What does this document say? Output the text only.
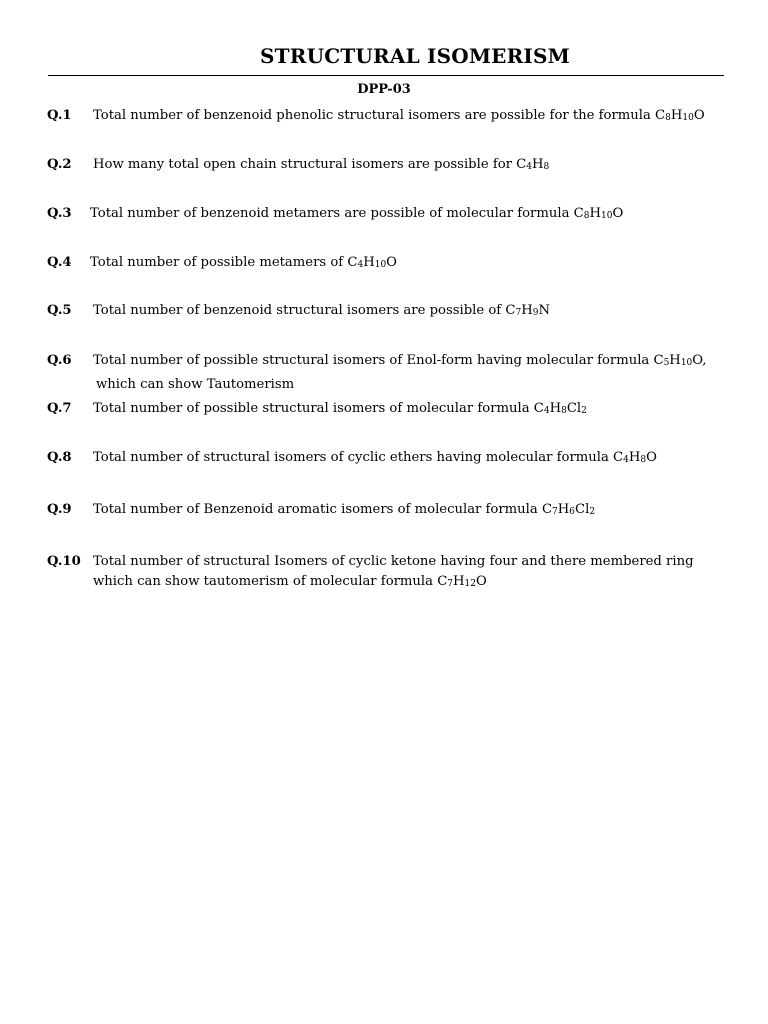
STRUCTURAL ISOMERISM
DPP-03
Q.1 Total number of benzenoid phenolic structural isomers are possible for the formula C8H10O
Q.2 How many total open chain structural isomers are possible for C4H8
Q.3 Total number of benzenoid metamers are possible of molecular formula C8H10O
Q.4 Total number of possible metamers of C4H10O
Q.5 Total number of benzenoid structural isomers are possible of C7H9N
Q.6 Total number of possible structural isomers of Enol-form having molecular formula C5H10O,
which can show Tautomerism
Q.7 Total number of possible structural isomers of molecular formula C4H8Cl2
Q.8 Total number of structural isomers of cyclic ethers having molecular formula C4H8O
Q.9 Total number of Benzenoid aromatic isomers of molecular formula C7H6Cl2
Q.10 Total number of structural Isomers of cyclic ketone having four and there membered ring
which can show tautomerism of molecular formula C7H12O
